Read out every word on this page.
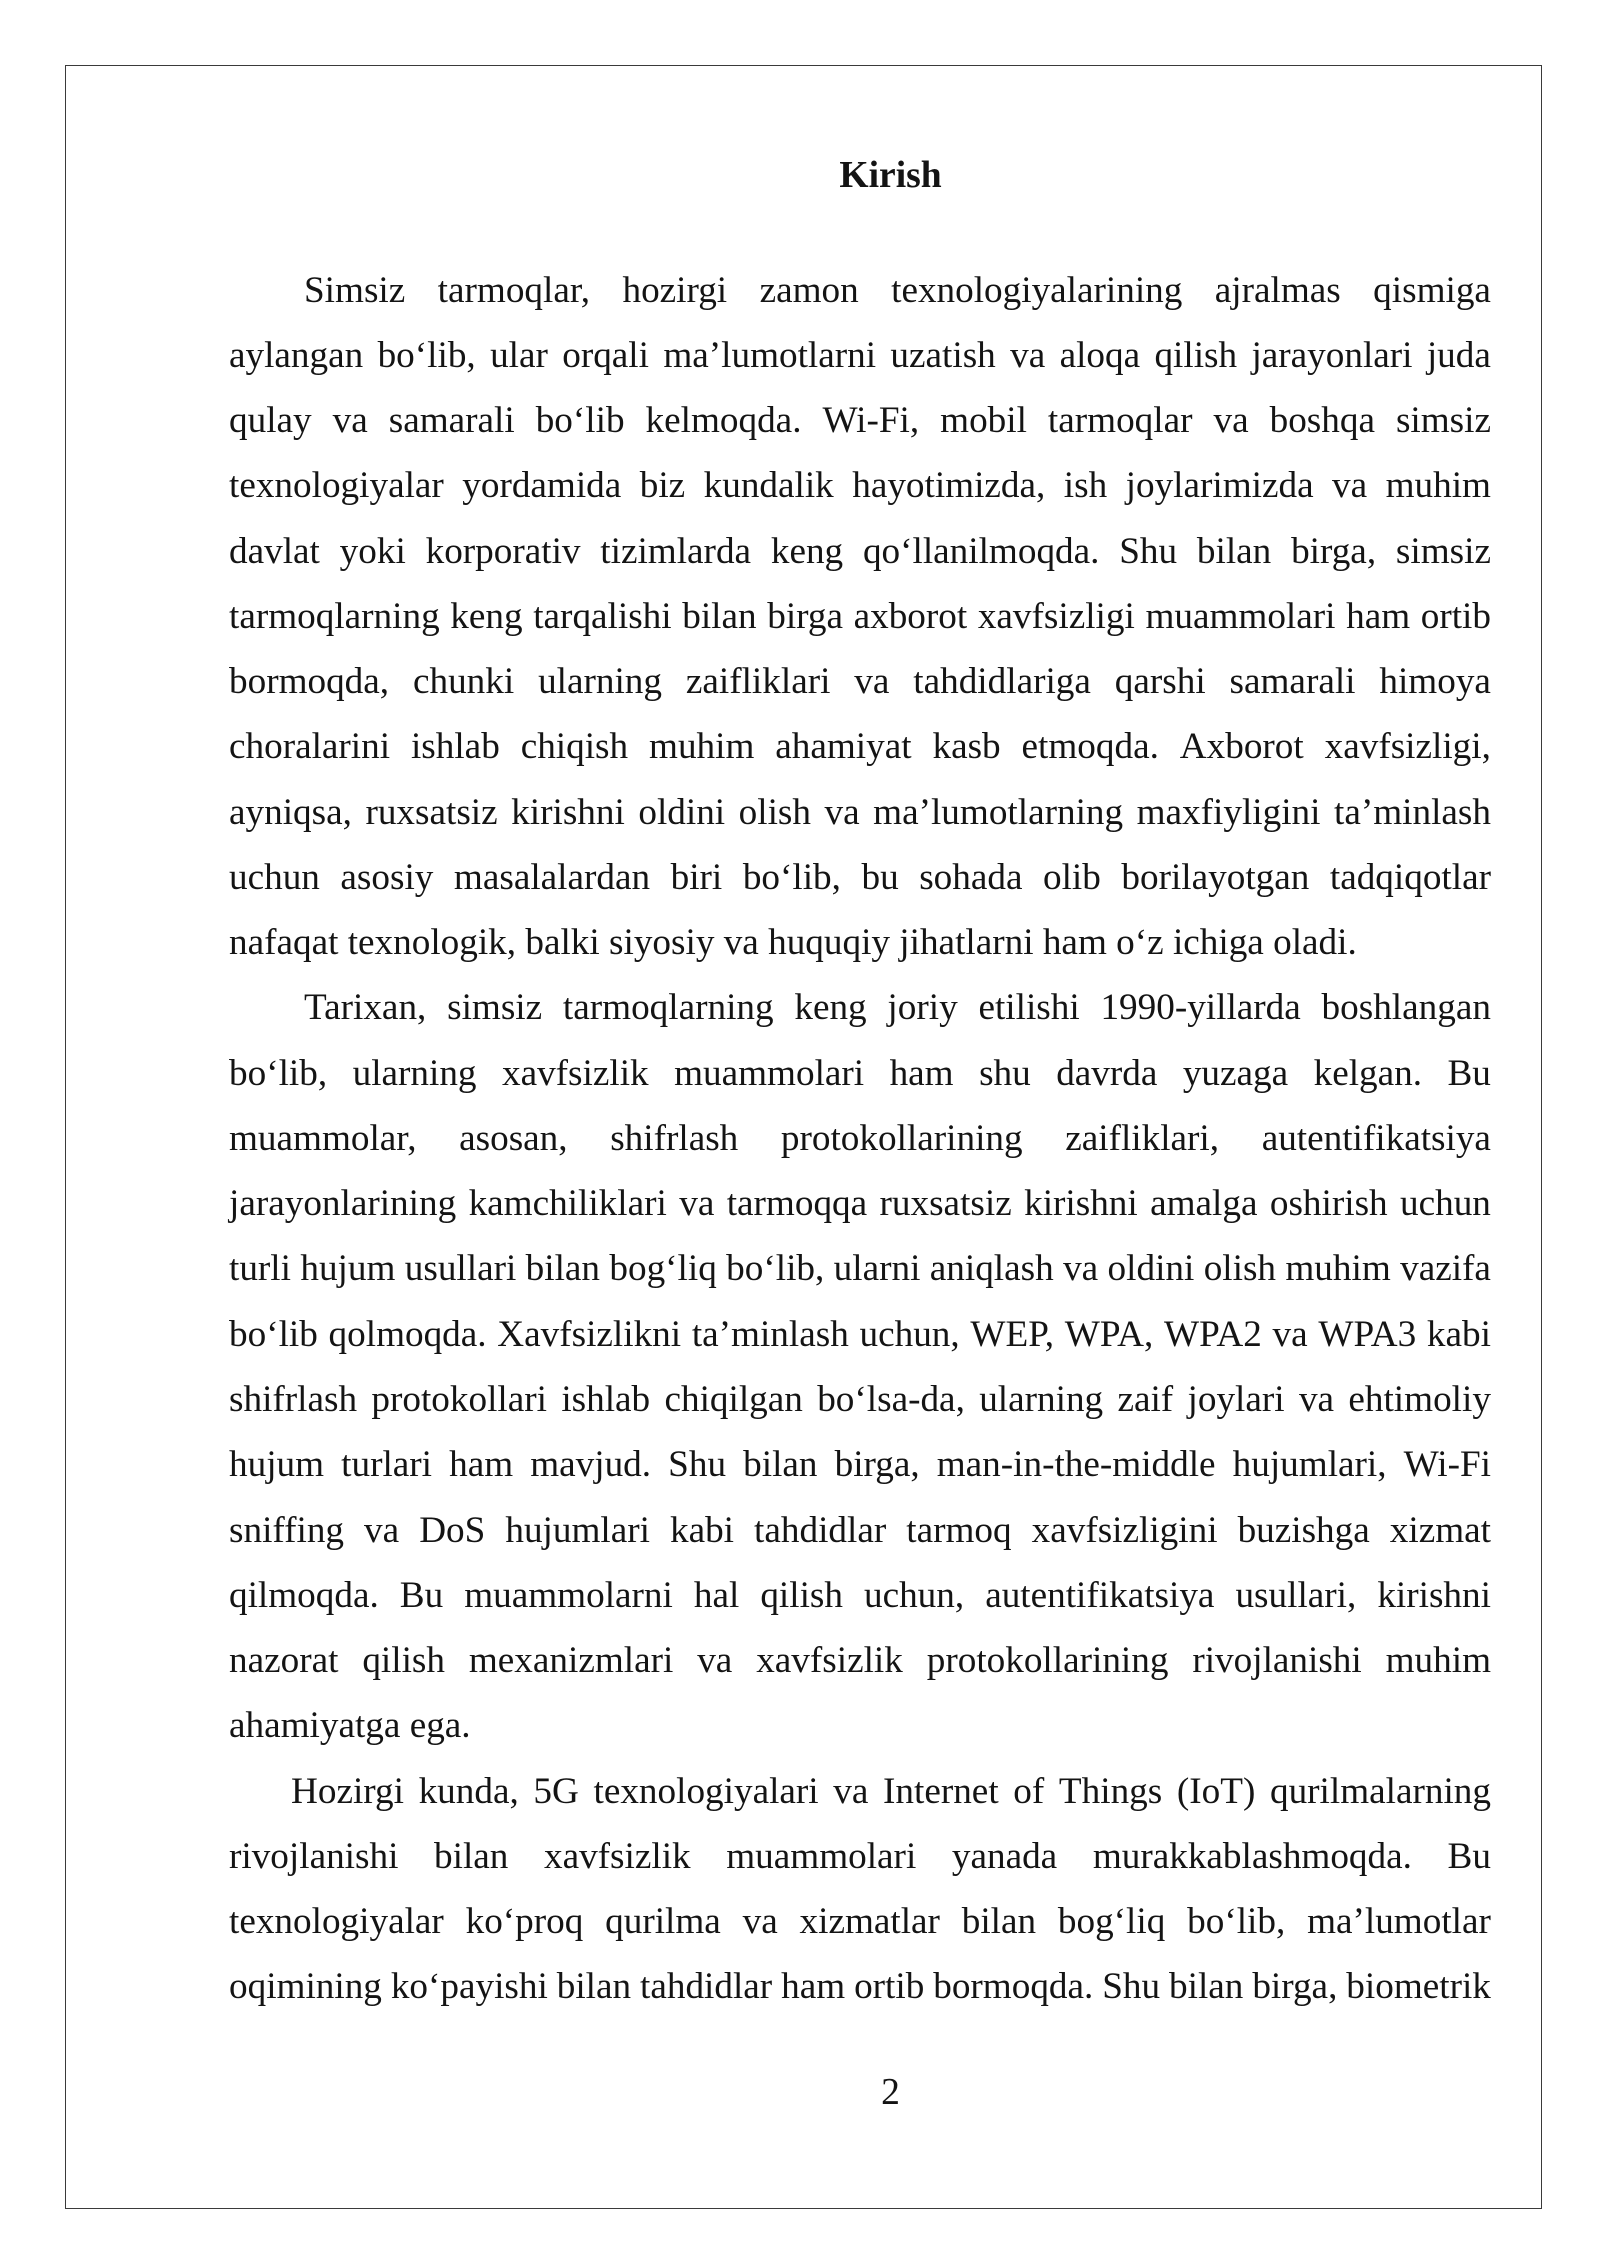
Kirish
Simsiz tarmoqlar, hozirgi zamon texnologiyalarining ajralmas qismiga
aylangan bo‘lib, ular orqali ma’lumotlarni uzatish va aloqa qilish jarayonlari juda
qulay va samarali bo‘lib kelmoqda. Wi-Fi, mobil tarmoqlar va boshqa simsiz
texnologiyalar yordamida biz kundalik hayotimizda, ish joylarimizda va muhim
davlat yoki korporativ tizimlarda keng qo‘llanilmoqda. Shu bilan birga, simsiz
tarmoqlarning keng tarqalishi bilan birga axborot xavfsizligi muammolari ham ortib
bormoqda, chunki ularning zaifliklari va tahdidlariga qarshi samarali himoya
choralarini ishlab chiqish muhim ahamiyat kasb etmoqda. Axborot xavfsizligi,
ayniqsa, ruxsatsiz kirishni oldini olish va ma’lumotlarning maxfiyligini ta’minlash
uchun asosiy masalalardan biri bo‘lib, bu sohada olib borilayotgan tadqiqotlar
nafaqat texnologik, balki siyosiy va huquqiy jihatlarni ham o‘z ichiga oladi.
Tarixan, simsiz tarmoqlarning keng joriy etilishi 1990-yillarda boshlangan
bo‘lib, ularning xavfsizlik muammolari ham shu davrda yuzaga kelgan. Bu
muammolar, asosan, shifrlash protokollarining zaifliklari, autentifikatsiya
jarayonlarining kamchiliklari va tarmoqqa ruxsatsiz kirishni amalga oshirish uchun
turli hujum usullari bilan bog‘liq bo‘lib, ularni aniqlash va oldini olish muhim vazifa
bo‘lib qolmoqda. Xavfsizlikni ta’minlash uchun, WEP, WPA, WPA2 va WPA3 kabi
shifrlash protokollari ishlab chiqilgan bo‘lsa-da, ularning zaif joylari va ehtimoliy
hujum turlari ham mavjud. Shu bilan birga, man-in-the-middle hujumlari, Wi-Fi
sniffing va DoS hujumlari kabi tahdidlar tarmoq xavfsizligini buzishga xizmat
qilmoqda. Bu muammolarni hal qilish uchun, autentifikatsiya usullari, kirishni
nazorat qilish mexanizmlari va xavfsizlik protokollarining rivojlanishi muhim
ahamiyatga ega.
Hozirgi kunda, 5G texnologiyalari va Internet of Things (IoT) qurilmalarning
rivojlanishi bilan xavfsizlik muammolari yanada murakkablashmoqda. Bu
texnologiyalar ko‘proq qurilma va xizmatlar bilan bog‘liq bo‘lib, ma’lumotlar
oqimining ko‘payishi bilan tahdidlar ham ortib bormoqda. Shu bilan birga, biometrik
2
